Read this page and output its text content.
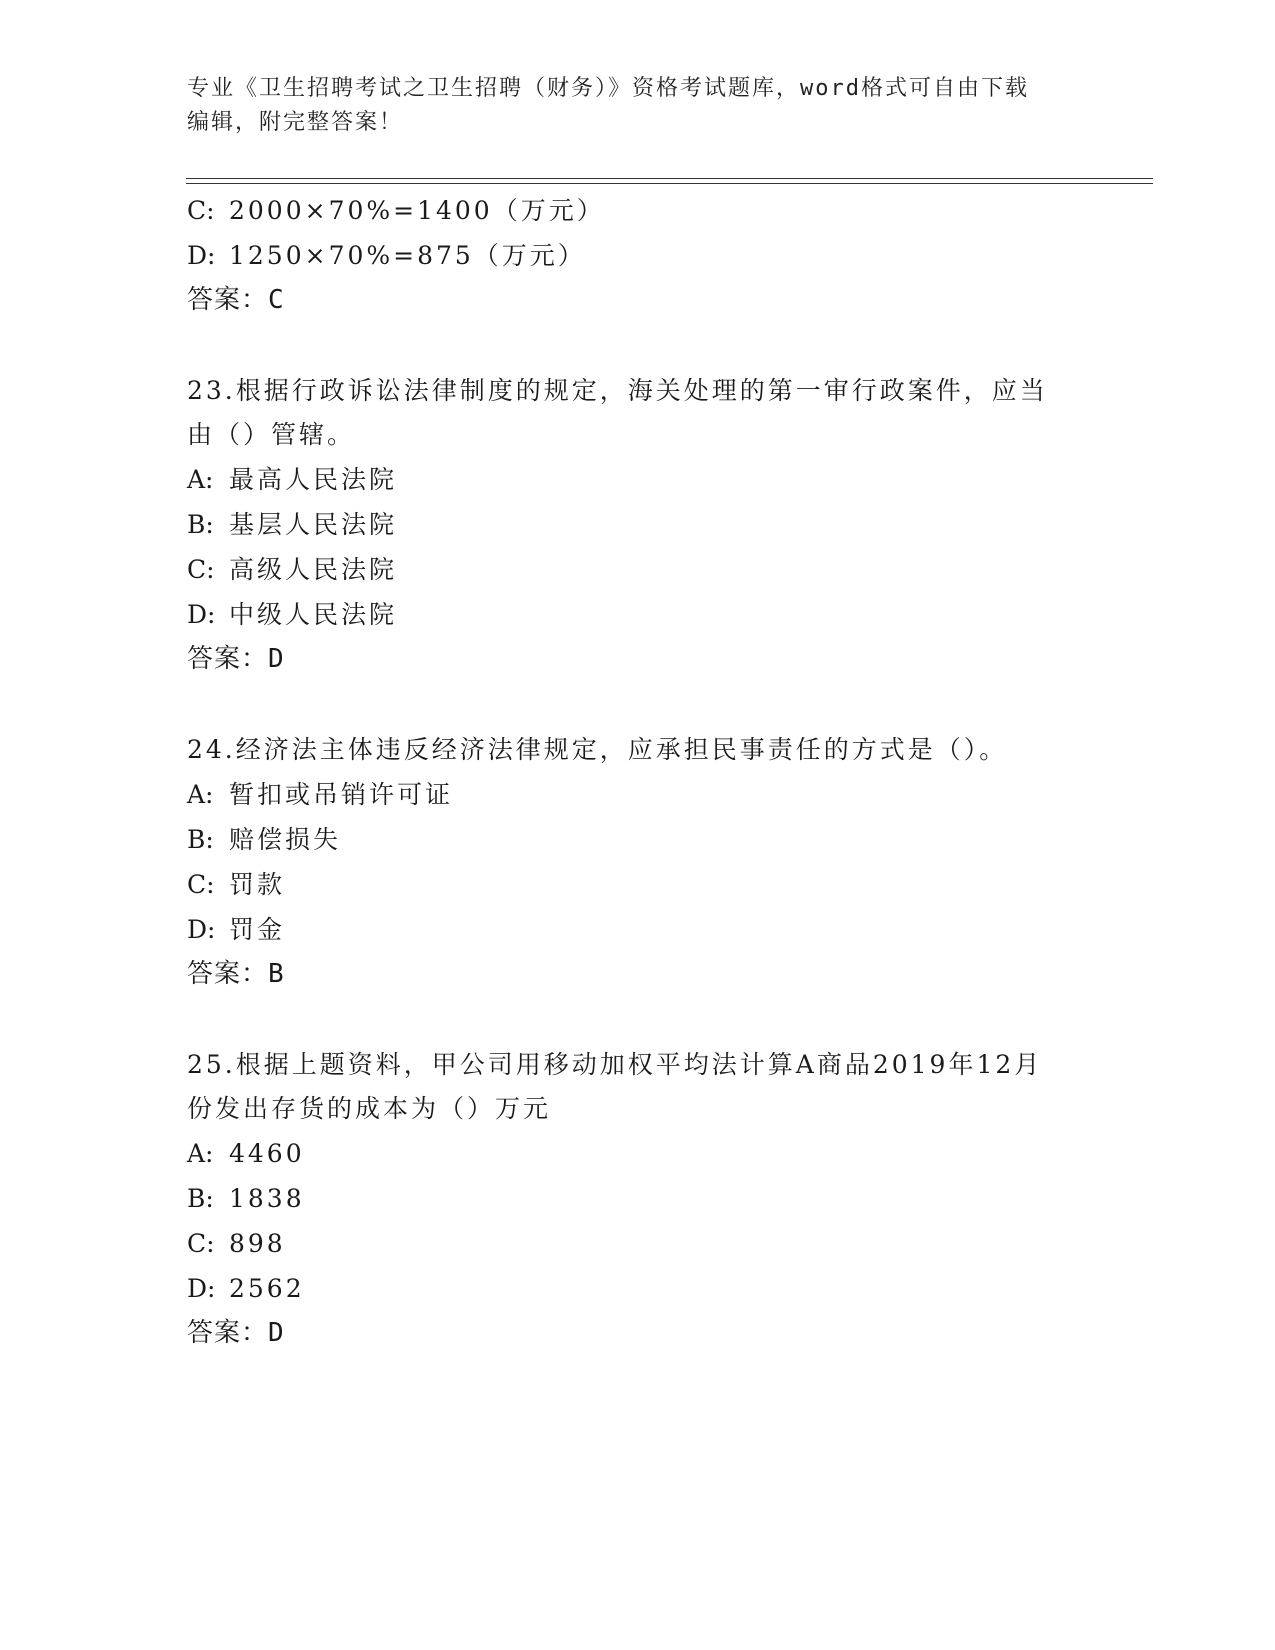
专业《卫生招聘考试之卫生招聘（财务）》资格考试题库，word格式可自由下载
编辑，附完整答案！
C: 2000×70%=1400（万元）
D: 1250×70%=875（万元）
答案：C
23.根据行政诉讼法律制度的规定，海关处理的第一审行政案件，应当
由（）管辖。
A: 最高人民法院
B: 基层人民法院
C: 高级人民法院
D: 中级人民法院
答案：D
24.经济法主体违反经济法律规定，应承担民事责任的方式是（）。
A: 暂扣或吊销许可证
B: 赔偿损失
C: 罚款
D: 罚金
答案：B
25.根据上题资料，甲公司用移动加权平均法计算A商品2019年12月
份发出存货的成本为（）万元
A: 4460
B: 1838
C: 898
D: 2562
答案：D
